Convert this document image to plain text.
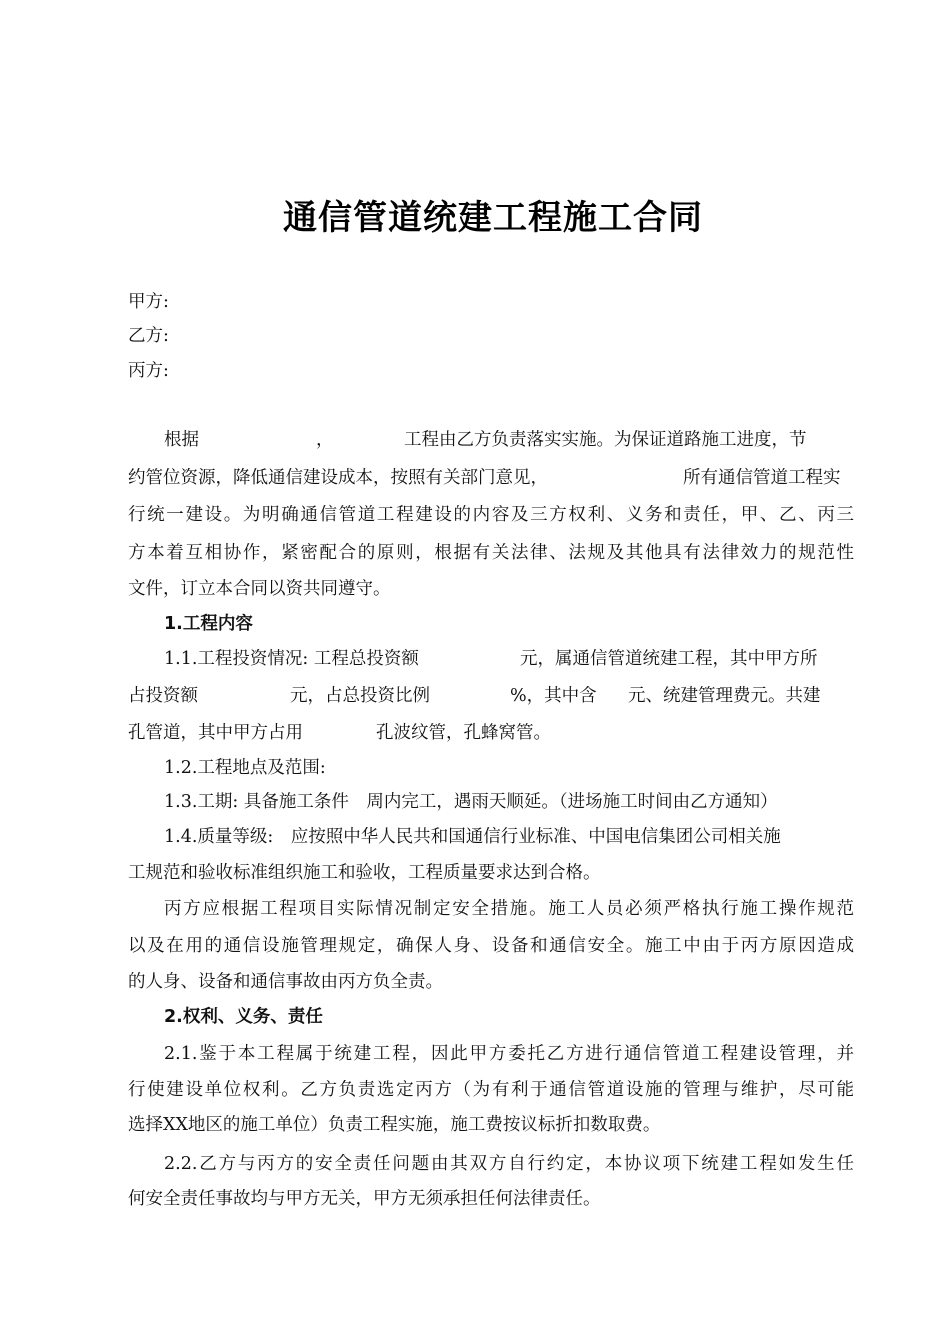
通信管道统建工程施工合同
甲方:
乙方:
丙方:
根据	，	工程由乙方负责落实实施。为保证道路施工进度，节
约管位资源，降低通信建设成本，按照有关部门意见，	所有通信管道工程实
行统一建设。为明确通信管道工程建设的内容及三方权利、义务和责任，甲、乙、丙三
方本着互相协作，紧密配合的原则，根据有关法律、法规及其他具有法律效力的规范性
文件，订立本合同以资共同遵守。
1.工程内容
1.1.工程投资情况: 工程总投资额	元，属通信管道统建工程，其中甲方所
占投资额	元，占总投资比例	%，其中含 元、统建管理费元。共建
孔管道，其中甲方占用	孔波纹管，孔蜂窝管。
1.2.工程地点及范围:
1.3.工期: 具备施工条件　周内完工，遇雨天顺延。（进场施工时间由乙方通知）
1.4.质量等级:　应按照中华人民共和国通信行业标准、中国电信集团公司相关施
工规范和验收标准组织施工和验收，工程质量要求达到合格。
丙方应根据工程项目实际情况制定安全措施。施工人员必须严格执行施工操作规范
以及在用的通信设施管理规定，确保人身、设备和通信安全。施工中由于丙方原因造成
的人身、设备和通信事故由丙方负全责。
2.权利、义务、责任
2.1.鉴于本工程属于统建工程，因此甲方委托乙方进行通信管道工程建设管理，并
行使建设单位权利。乙方负责选定丙方（为有利于通信管道设施的管理与维护，尽可能
选择XX地区的施工单位）负责工程实施，施工费按议标折扣数取费。
2.2.乙方与丙方的安全责任问题由其双方自行约定，本协议项下统建工程如发生任
何安全责任事故均与甲方无关，甲方无须承担任何法律责任。
